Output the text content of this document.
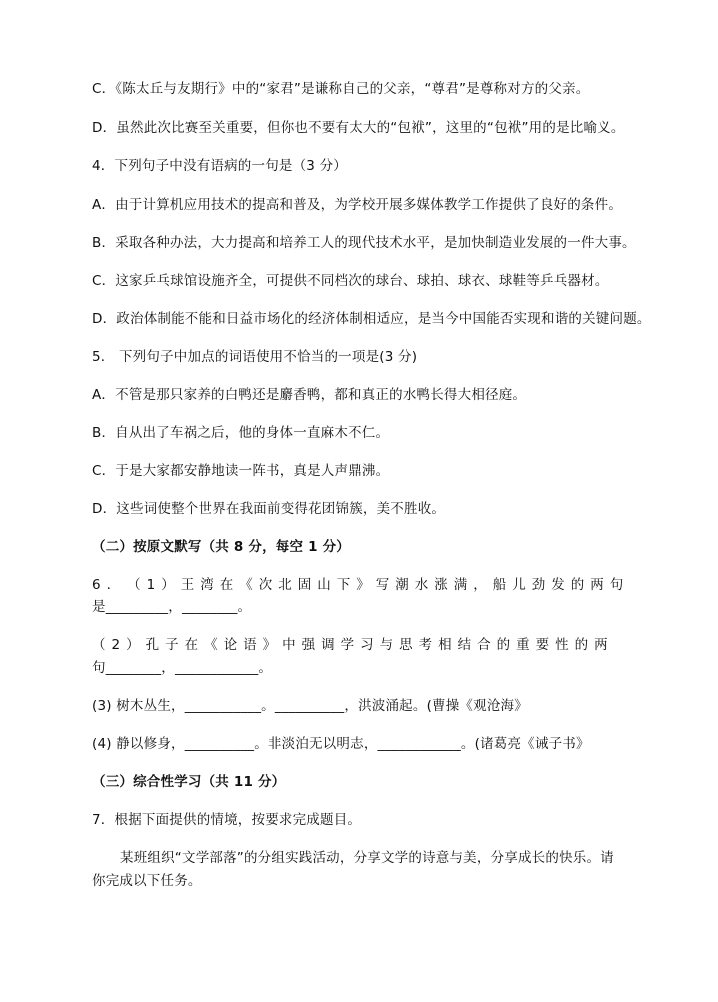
C．《陈太丘与友期行》中的“家君”是谦称自己的父亲，“尊君”是尊称对方的父亲。
D．虽然此次比赛至关重要，但你也不要有太大的“包袱”，这里的“包袱”用的是比喻义。
4．下列句子中没有语病的一句是（3 分）
A．由于计算机应用技术的提高和普及，为学校开展多媒体教学工作提供了良好的条件。
B．采取各种办法，大力提高和培养工人的现代技术水平，是加快制造业发展的一件大事。
C．这家乒乓球馆设施齐全，可提供不同档次的球台、球拍、球衣、球鞋等乒乓器材。
D．政治体制能不能和日益市场化的经济体制相适应，是当今中国能否实现和谐的关键问题。
5． 下列句子中加点的词语使用不恰当的一项是(3 分)
A．不管是那只家养的白鸭还是麝香鸭，都和真正的水鸭长得大相径庭。
B．自从出了车祸之后，他的身体一直麻木不仁。
C．于是大家都安静地读一阵书，真是人声鼎沸。
D．这些词使整个世界在我面前变得花团锦簇，美不胜收。
（二）按原文默写（共 8 分，每空 1 分）
6. （1）王湾在《次北固山下》写潮水涨满，船儿劲发的两句
是_________，________。
（2）孔子在《论语》中强调学习与思考相结合的重要性的两
句________，____________。
(3) 树木丛生，___________。__________，洪波涌起。(曹操《观沧海》
(4) 静以修身，__________。非淡泊无以明志，____________。(诸葛亮《诫子书》
（三）综合性学习（共 11 分）
7．根据下面提供的情境，按要求完成题目。
某班组织“文学部落”的分组实践活动，分享文学的诗意与美，分享成长的快乐。请
你完成以下任务。
